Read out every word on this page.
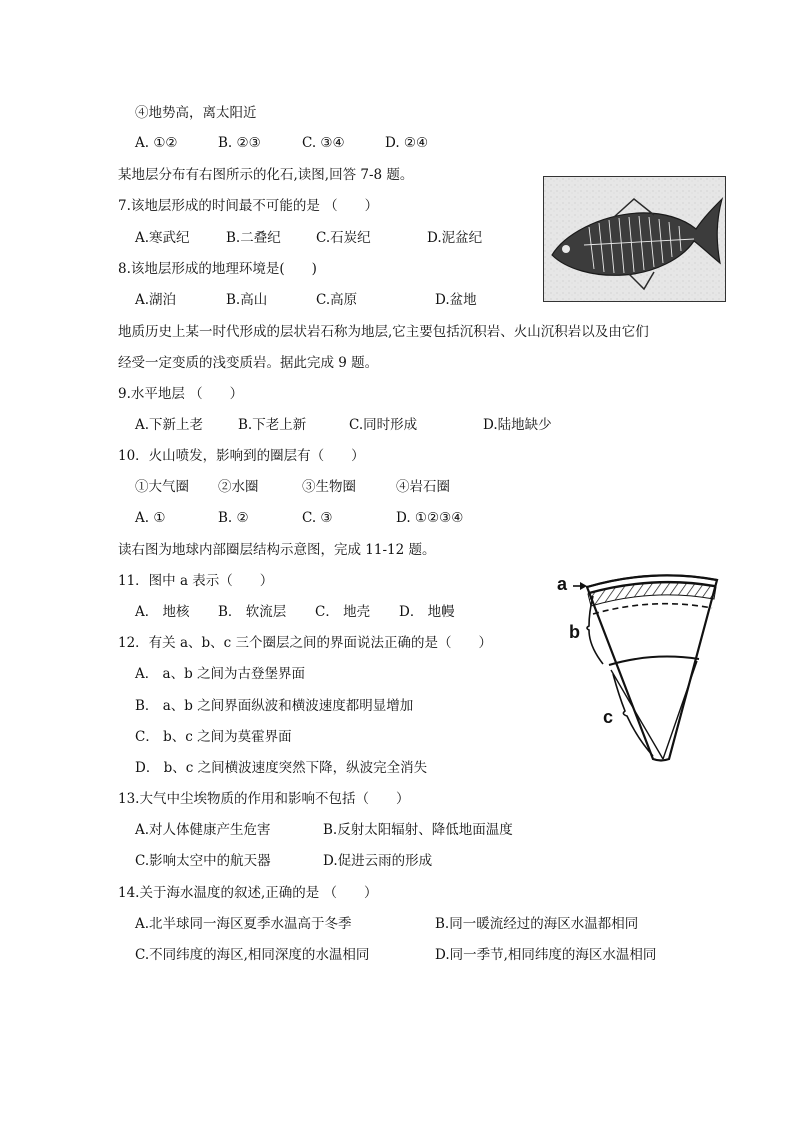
④地势高，离太阳近
A. ①②	B. ②③	C. ③④	D. ②④
某地层分布有右图所示的化石,读图,回答 7-8 题。
7.该地层形成的时间最不可能的是 （　　）
A.寒武纪	B.二叠纪	C.石炭纪	D.泥盆纪
8.该地层形成的地理环境是(　　)
A.湖泊	B.高山	C.高原	D.盆地
地质历史上某一时代形成的层状岩石称为地层,它主要包括沉积岩、火山沉积岩以及由它们
经受一定变质的浅变质岩。据此完成 9 题。
9.水平地层 （　　）
A.下新上老	B.下老上新	C.同时形成	D.陆地缺少
10．火山喷发，影响到的圈层有（　　）
①大气圈 ②水圈	③生物圈	④岩石圈
A. ①	B. ②	C. ③	D. ①②③④
读右图为地球内部圈层结构示意图，完成 11-12 题。
11．图中 a 表示（　　）
A． 地核 B． 软流层 C． 地壳 D． 地幔
12．有关 a、b、c 三个圈层之间的界面说法正确的是（　　）
A． a、b 之间为古登堡界面
B． a、b 之间界面纵波和横波速度都明显增加
C． b、c 之间为莫霍界面
D． b、c 之间横波速度突然下降，纵波完全消失
a
b
c
13.大气中尘埃物质的作用和影响不包括（　　）
A.对人体健康产生危害	B.反射太阳辐射、降低地面温度
C.影响太空中的航天器	D.促进云雨的形成
14.关于海水温度的叙述,正确的是 （　　）
A.北半球同一海区夏季水温高于冬季	B.同一暖流经过的海区水温都相同
C.不同纬度的海区,相同深度的水温相同	D.同一季节,相同纬度的海区水温相同
